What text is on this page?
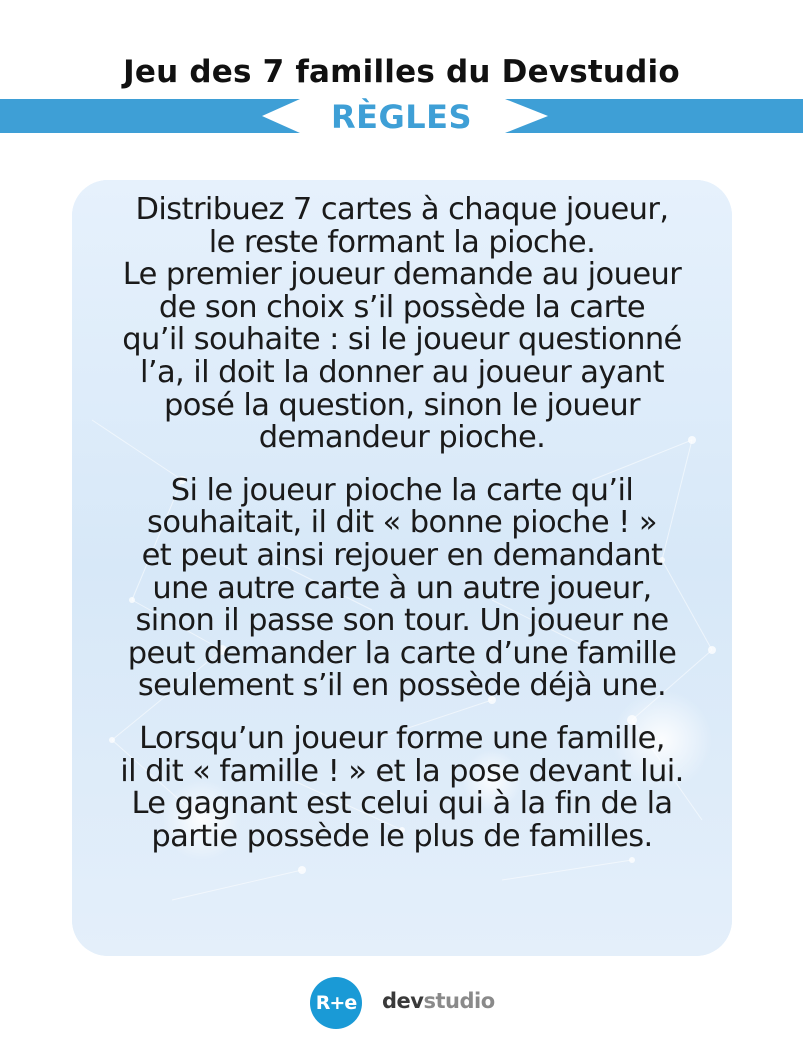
Jeu des 7 familles du Devstudio
RÈGLES

Distribuez 7 cartes à chaque joueur,
le reste formant la pioche.
Le premier joueur demande au joueur
de son choix s’il possède la carte
qu’il souhaite : si le joueur questionné
l’a, il doit la donner au joueur ayant
posé la question, sinon le joueur
demandeur pioche.

Si le joueur pioche la carte qu’il
souhaitait, il dit « bonne pioche ! »
et peut ainsi rejouer en demandant
une autre carte à un autre joueur,
sinon il passe son tour. Un joueur ne
peut demander la carte d’une famille
seulement s’il en possède déjà une.

Lorsqu’un joueur forme une famille,
il dit « famille ! » et la pose devant lui.
Le gagnant est celui qui à la fin de la
partie possède le plus de familles.

R+e devstudio
